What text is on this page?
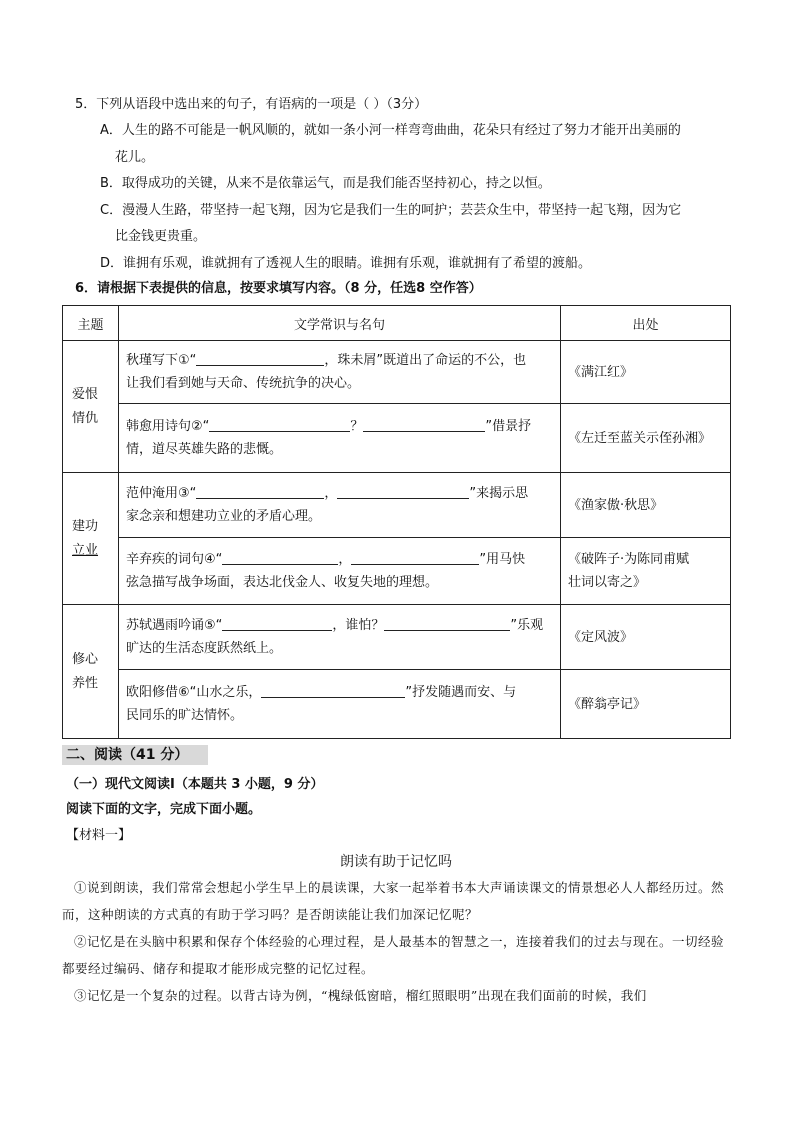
5．下列从语段中选出来的句子，有语病的一项是（ ）（3分）
A．人生的路不可能是一帆风顺的，就如一条小河一样弯弯曲曲，花朵只有经过了努力才能开出美丽的
花儿。
B．取得成功的关键，从来不是依靠运气，而是我们能否坚持初心，持之以恒。
C．漫漫人生路，带坚持一起飞翔，因为它是我们一生的呵护；芸芸众生中，带坚持一起飞翔，因为它
比金钱更贵重。
D．谁拥有乐观，谁就拥有了透视人生的眼睛。谁拥有乐观，谁就拥有了希望的渡船。
6．请根据下表提供的信息，按要求填写内容。（8 分，任选8 空作答）
主题	文学常识与名句	出处
爱恨
情仇	秋瑾写下①“ ，珠未屑”既道出了命运的不公，也
让我们看到她与天命、传统抗争的决心。	《满江红》
	韩愈用诗句②“ ？ ”借景抒
情，道尽英雄失路的悲慨。	《左迁至蓝关示侄孙湘》
建功
立业	范仲淹用③“ ， ”来揭示思
家念亲和想建功立业的矛盾心理。	《渔家傲·秋思》
	辛弃疾的词句④“ ， ”用马快
弦急描写战争场面，表达北伐金人、收复失地的理想。	《破阵子·为陈同甫赋
壮词以寄之》
修心
养性	苏轼遇雨吟诵⑤“ ，谁怕？ ”乐观
旷达的生活态度跃然纸上。	《定风波》
	欧阳修借⑥“山水之乐， ”抒发随遇而安、与
民同乐的旷达情怀。	《醉翁亭记》
二、阅读（41 分）
（一）现代文阅读Ⅰ（本题共 3 小题，9 分）
阅读下面的文字，完成下面小题。
【材料一】
朗读有助于记忆吗
①说到朗读，我们常常会想起小学生早上的晨读课，大家一起举着书本大声诵读课文的情景想必人人都经历过。然而，这种朗读的方式真的有助于学习吗？是否朗读能让我们加深记忆呢？
②记忆是在头脑中积累和保存个体经验的心理过程，是人最基本的智慧之一，连接着我们的过去与现在。一切经验都要经过编码、储存和提取才能形成完整的记忆过程。
③记忆是一个复杂的过程。以背古诗为例，“槐绿低窗暗，榴红照眼明”出现在我们面前的时候，我们
